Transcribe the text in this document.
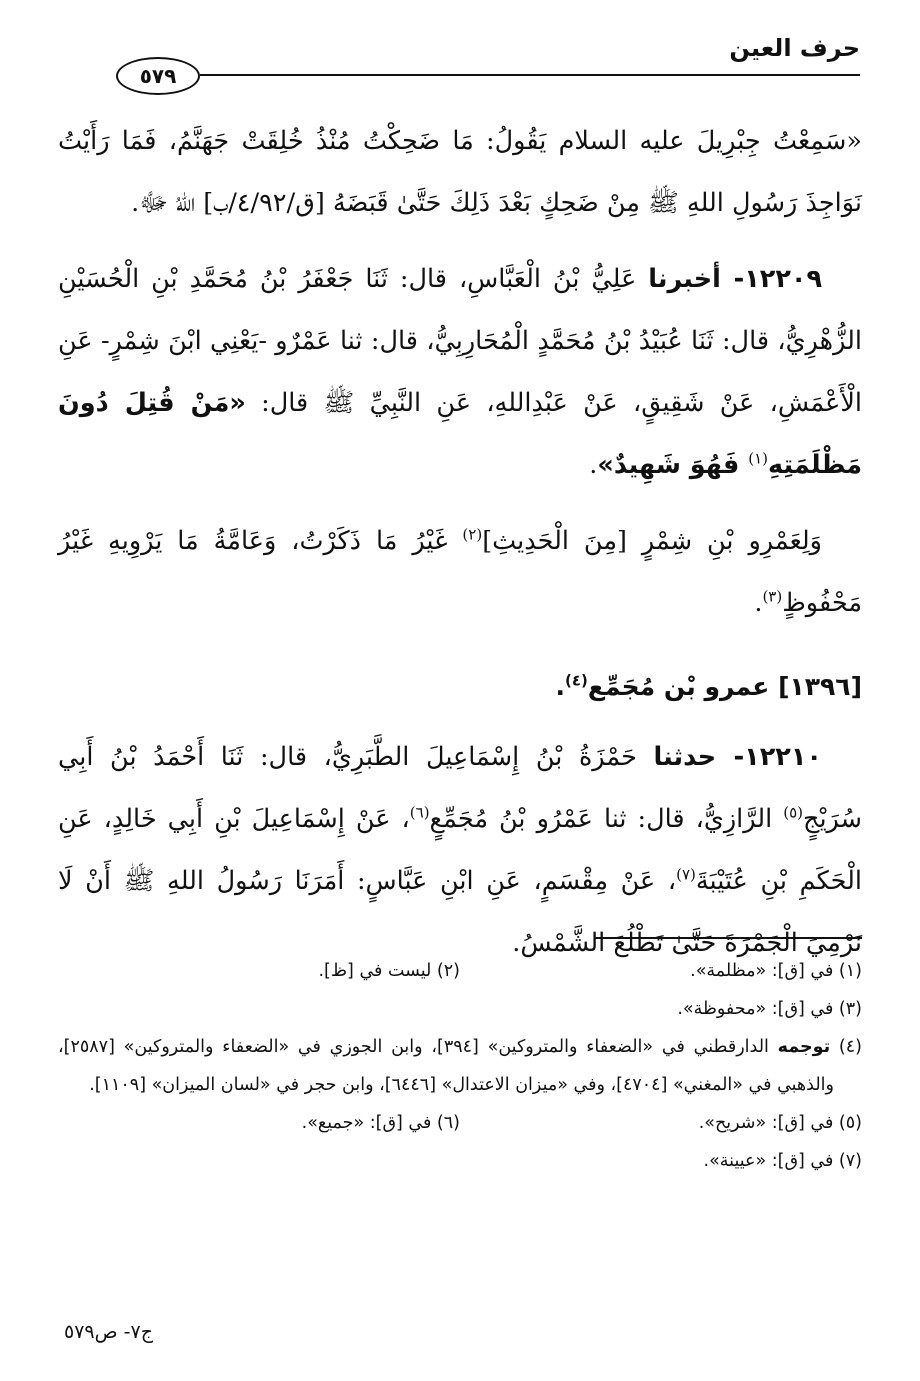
حرف العين
٥٧٩

«سَمِعْتُ جِبْرِيلَ عليه السلام يَقُولُ: مَا ضَحِكْتُ مُنْذُ خُلِقَتْ جَهَنَّمُ، فَمَا رَأَيْتُ نَوَاجِذَ رَسُولِ اللهِ ﷺ مِنْ ضَحِكٍ بَعْدَ ذَلِكَ حَتَّىٰ قَبَضَهُ [ق/٤/٩٢/ب] اللهُ ﷻ.

١٢٢٠٩- أخبرنا عَلِيُّ بْنُ الْعَبَّاسِ، قال: ثَنَا جَعْفَرُ بْنُ مُحَمَّدِ بْنِ الْحُسَيْنِ الزُّهْرِيُّ، قال: ثَنَا عُبَيْدُ بْنُ مُحَمَّدٍ الْمُحَارِبِيُّ، قال: ثنا عَمْرٌو -يَعْنِي ابْنَ شِمْرٍ- عَنِ الْأَعْمَشِ، عَنْ شَقِيقٍ، عَنْ عَبْدِاللهِ، عَنِ النَّبِيِّ ﷺ قال: «مَنْ قُتِلَ دُونَ مَظْلَمَتِهِ$^{(١)}$ فَهُوَ شَهِيدٌ».

وَلِعَمْرِو بْنِ شِمْرٍ [مِنَ الْحَدِيثِ]$^{(٢)}$ غَيْرُ مَا ذَكَرْتُ، وَعَامَّةُ مَا يَرْوِيهِ غَيْرُ مَحْفُوظٍ$^{(٣)}$.

[١٣٩٦] عمرو بْن مُجَمِّع$^{(٤)}$.

١٢٢١٠- حدثنا حَمْزَةُ بْنُ إِسْمَاعِيلَ الطَّبَرِيُّ، قال: ثَنَا أَحْمَدُ بْنُ أَبِي سُرَيْجٍ$^{(٥)}$ الرَّازِيُّ، قال: ثنا عَمْرُو بْنُ مُجَمِّعٍ$^{(٦)}$، عَنْ إِسْمَاعِيلَ بْنِ أَبِي خَالِدٍ، عَنِ الْحَكَمِ بْنِ عُتَيْبَةَ$^{(٧)}$، عَنْ مِقْسَمٍ، عَنِ ابْنِ عَبَّاسٍ: أَمَرَنَا رَسُولُ اللهِ ﷺ أَنْ لَا نَرْمِيَ الْجَمْرَةَ حَتَّىٰ تَطْلُعَ الشَّمْسُ.

(١) في [ق]: «مظلمة».
(٢) ليست في [ظ].
(٣) في [ق]: «محفوظة».
(٤) توجمه الدارقطني في «الضعفاء والمتروكين» [٣٩٤]، وابن الجوزي في «الضعفاء والمتروكين» [٢٥٨٧]، والذهبي في «المغني» [٤٧٠٤]، وفي «ميزان الاعتدال» [٦٤٤٦]، وابن حجر في «لسان الميزان» [١١٠٩].
(٥) في [ق]: «شريح».
(٦) في [ق]: «جميع».
(٧) في [ق]: «عيينة».
ج٧- ص٥٧٩
